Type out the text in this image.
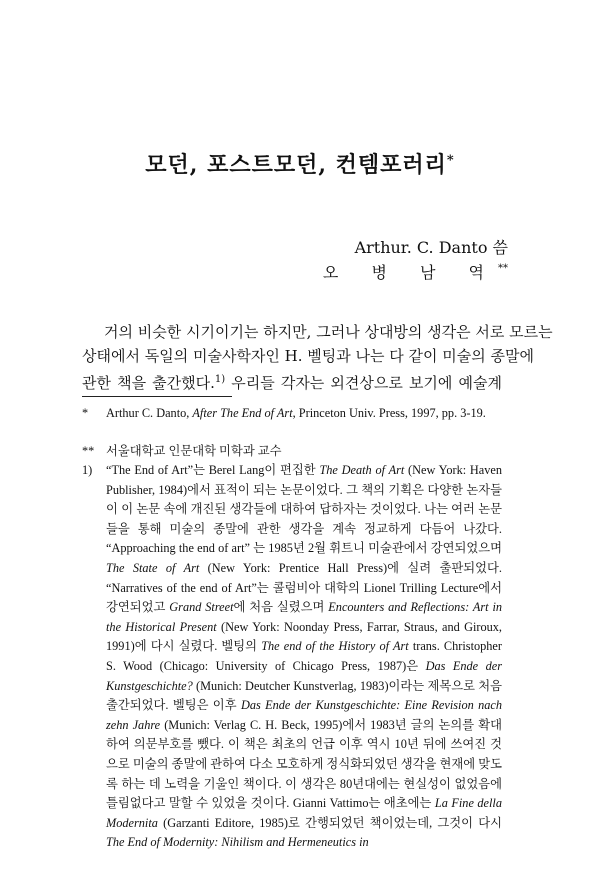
모던, 포스트모던, 컨템포러리*
Arthur. C. Danto 씀
오 병 남 역**
거의 비슷한 시기이기는 하지만, 그러나 상대방의 생각은 서로 모르는
상태에서 독일의 미술사학자인 H. 벨팅과 나는 다 같이 미술의 종말에
관한 책을 출간했다.$^{1)}$ 우리들 각자는 외견상으로 보기에 예술계
* Arthur C. Danto, After The End of Art, Princeton Univ. Press, 1997, pp. 3-19.
** 서울대학교 인문대학 미학과 교수
1) “The End of Art”는 Berel Lang이 편집한 The Death of Art (New York: Haven Publisher, 1984)에서 표적이 되는 논문이었다. 그 책의 기획은 다양한 논자들이 이 논문 속에 개진된 생각들에 대하여 답하자는 것이었다. 나는 여러 논문들을 통해 미술의 종말에 관한 생각을 계속 정교하게 다듬어 나갔다. “Approaching the end of art” 는 1985년 2월 휘트니 미술관에서 강연되었으며 The State of Art (New York: Prentice Hall Press)에 실려 출판되었다. “Narratives of the end of Art”는 콜럼비아 대학의 Lionel Trilling Lecture에서 강연되었고 Grand Street에 처음 실렸으며 Encounters and Reflections: Art in the Historical Present (New York: Noonday Press, Farrar, Straus, and Giroux, 1991)에 다시 실렸다. 벨팅의 The end of the History of Art trans. Christopher S. Wood (Chicago: University of Chicago Press, 1987)은 Das Ende der Kunstgeschichte? (Munich: Deutcher Kunstverlag, 1983)이라는 제목으로 처음 출간되었다. 벨팅은 이후 Das Ende der Kunstgeschichte: Eine Revision nach zehn Jahre (Munich: Verlag C. H. Beck, 1995)에서 1983년 글의 논의를 확대하여 의문부호를 뺐다. 이 책은 최초의 언급 이후 역시 10년 뒤에 쓰여진 것으로 미술의 종말에 관하여 다소 모호하게 정식화되었던 생각을 현재에 맞도록 하는 데 노력을 기울인 책이다. 이 생각은 80년대에는 현실성이 없었음에 틀림없다고 말할 수 있었을 것이다. Gianni Vattimo는 애초에는 La Fine della Modernita (Garzanti Editore, 1985)로 간행되었던 책이었는데, 그것이 다시 The End of Modernity: Nihilism and Hermeneutics in
